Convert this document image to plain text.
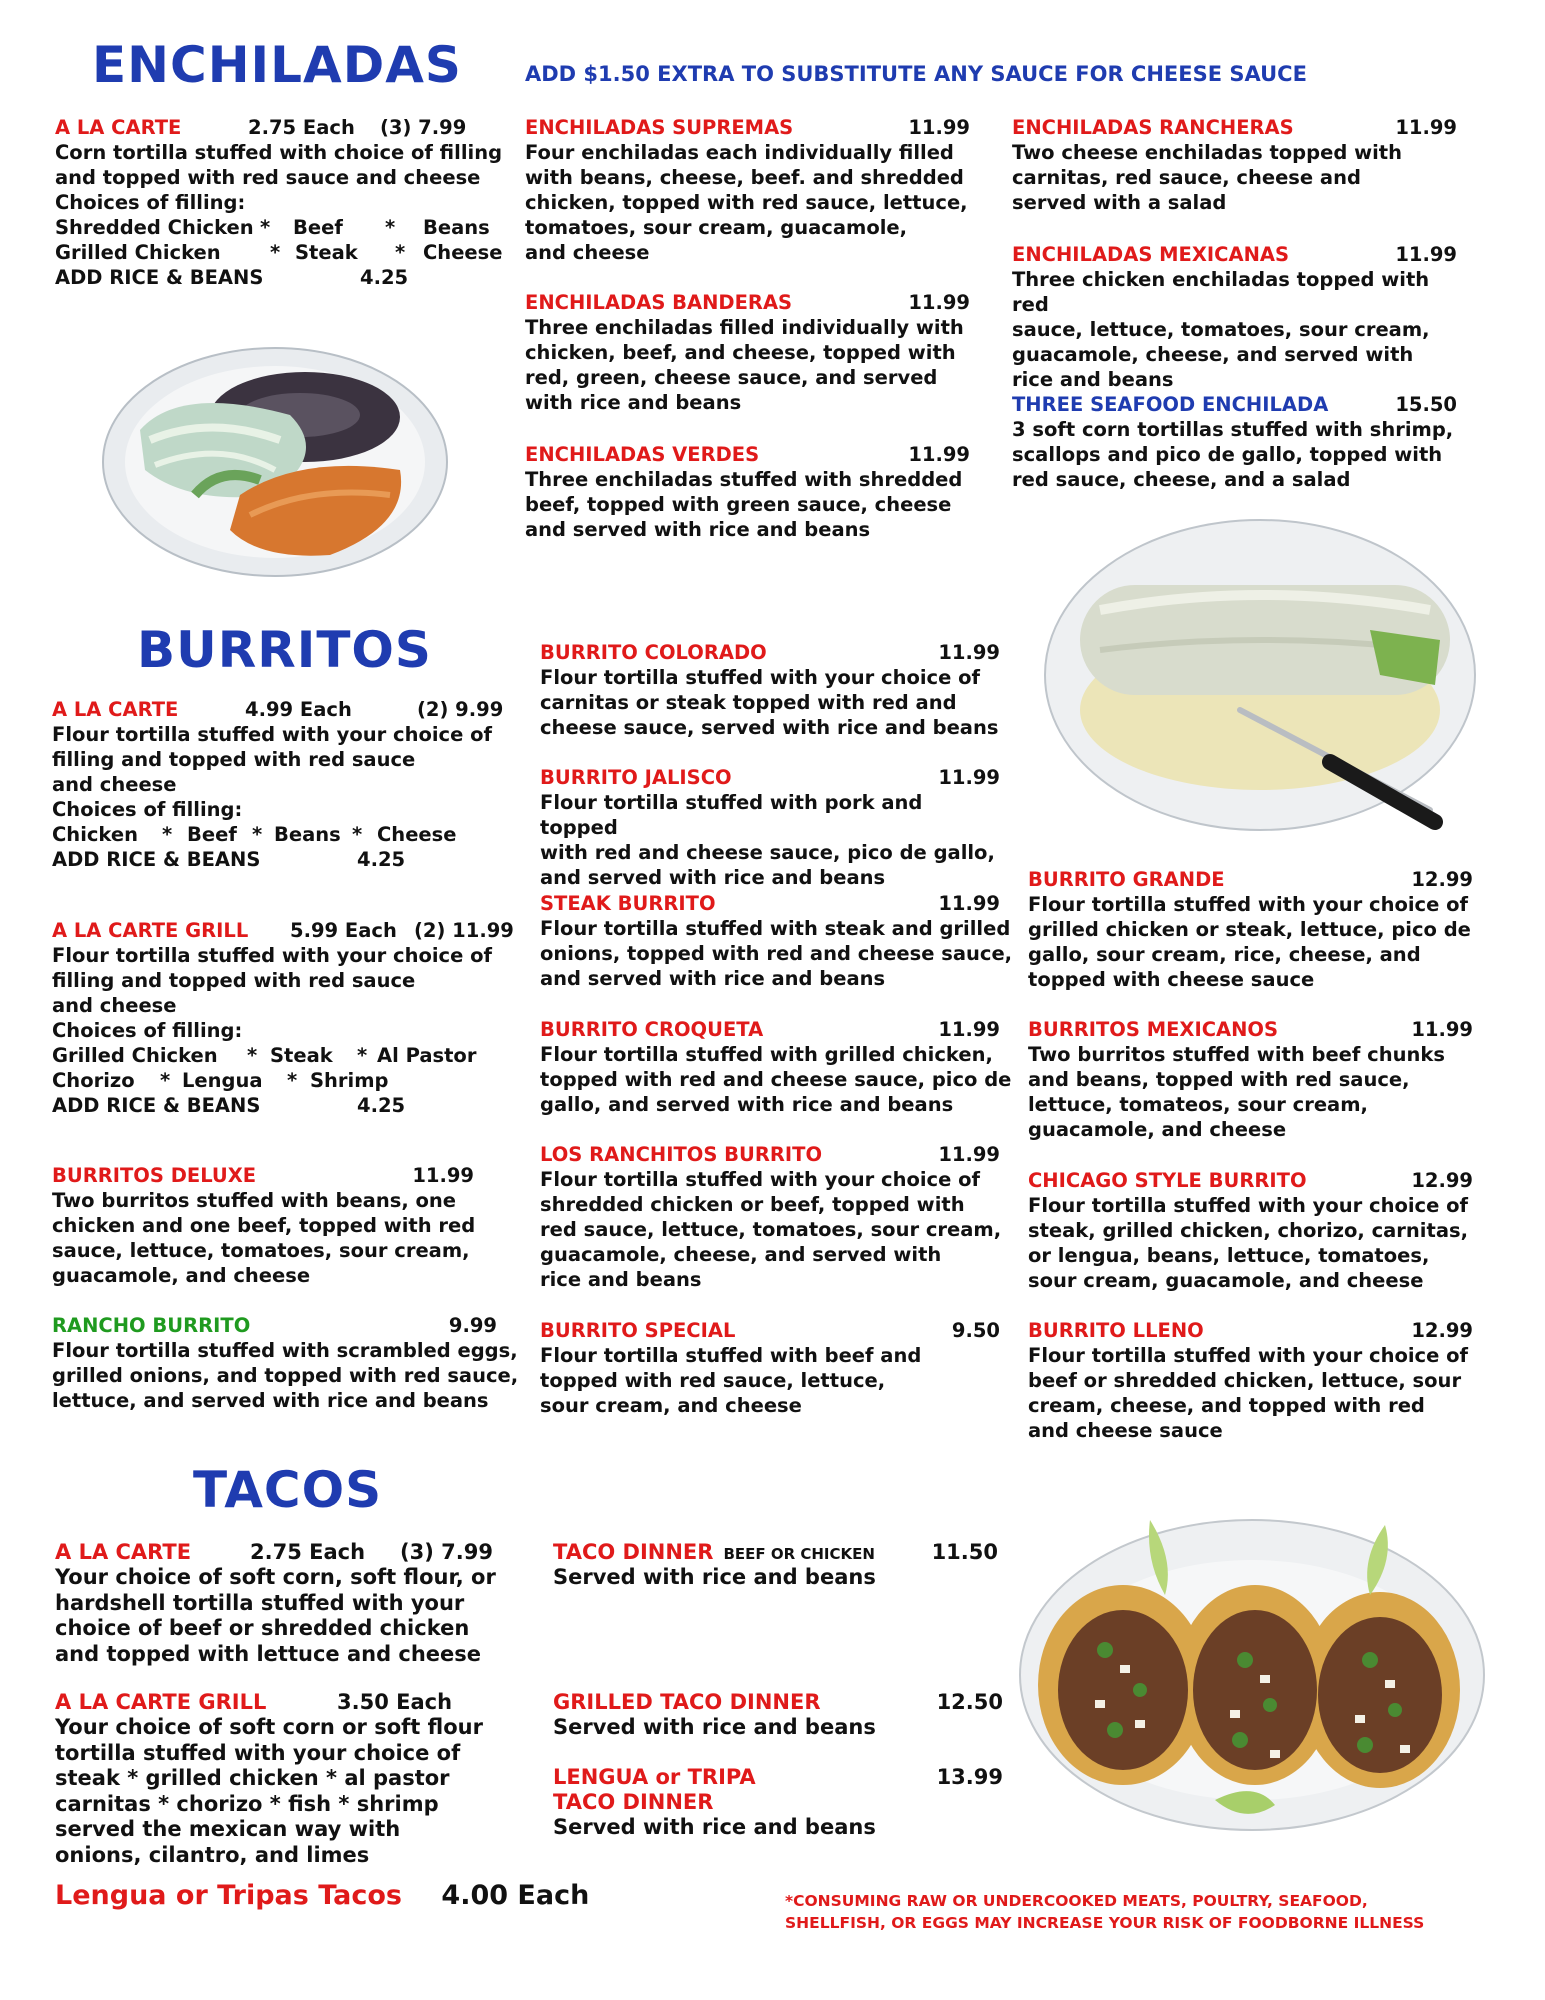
ENCHILADAS	ADD $1.50 EXTRA TO SUBSTITUTE ANY SAUCE FOR CHEESE SAUCE
A LA CARTE	2.75 Each (3) 7.99

Corn tortilla stuffed with choice of filling
and topped with red sauce and cheese
Choices of filling:

Shredded Chicken * Beef * Beans
Grilled Chicken	* Steak * Cheese
ADD RICE & BEANS	4.25
ENCHILADAS SUPREMAS	11.99

Four enchiladas each individually filled
with beans, cheese, beef. and shredded
chicken, topped with red sauce, lettuce,
tomatoes, sour cream, guacamole,
and cheese

ENCHILADAS BANDERAS	11.99

Three enchiladas filled individually with
chicken, beef, and cheese, topped with
red, green, cheese sauce, and served
with rice and beans

ENCHILADAS VERDES	11.99

Three enchiladas stuffed with shredded
beef, topped with green sauce, cheese
and served with rice and beans

ENCHILADAS RANCHERAS	11.99

Two cheese enchiladas topped with
carnitas, red sauce, cheese and
served with a salad

ENCHILADAS MEXICANAS	11.99

Three chicken enchiladas topped with red
sauce, lettuce, tomatoes, sour cream,
guacamole, cheese, and served with
rice and beans

THREE SEAFOOD ENCHILADA	15.50

3 soft corn tortillas stuffed with shrimp,
scallops and pico de gallo, topped with
red sauce, cheese, and a salad

BURRITOS
A LA CARTE	4.99 Each	(2) 9.99

Flour tortilla stuffed with your choice of
filling and topped with red sauce
and cheese
Choices of filling:

Chicken * Beef * Beans * Cheese
ADD RICE & BEANS	4.25
A LA CARTE GRILL 5.99 Each (2) 11.99

Flour tortilla stuffed with your choice of
filling and topped with red sauce
and cheese
Choices of filling:

Grilled Chicken * Steak * Al Pastor
Chorizo * Lengua * Shrimp
ADD RICE & BEANS	4.25
BURRITOS DELUXE	11.99

Two burritos stuffed with beans, one
chicken and one beef, topped with red
sauce, lettuce, tomatoes, sour cream,
guacamole, and cheese

RANCHO BURRITO	9.99

Flour tortilla stuffed with scrambled eggs,
grilled onions, and topped with red sauce,
lettuce, and served with rice and beans

BURRITO COLORADO	11.99

Flour tortilla stuffed with your choice of
carnitas or steak topped with red and
cheese sauce, served with rice and beans

BURRITO JALISCO	11.99

Flour tortilla stuffed with pork and topped
with red and cheese sauce, pico de gallo,
and served with rice and beans

STEAK BURRITO	11.99

Flour tortilla stuffed with steak and grilled
onions, topped with red and cheese sauce,
and served with rice and beans

BURRITO CROQUETA	11.99

Flour tortilla stuffed with grilled chicken,
topped with red and cheese sauce, pico de
gallo, and served with rice and beans

LOS RANCHITOS BURRITO	11.99

Flour tortilla stuffed with your choice of
shredded chicken or beef, topped with
red sauce, lettuce, tomatoes, sour cream,
guacamole, cheese, and served with
rice and beans

BURRITO SPECIAL	9.50

Flour tortilla stuffed with beef and
topped with red sauce, lettuce,
sour cream, and cheese

BURRITO GRANDE	12.99

Flour tortilla stuffed with your choice of
grilled chicken or steak, lettuce, pico de
gallo, sour cream, rice, cheese, and
topped with cheese sauce

BURRITOS MEXICANOS	11.99

Two burritos stuffed with beef chunks
and beans, topped with red sauce,
lettuce, tomateos, sour cream,
guacamole, and cheese

CHICAGO STYLE BURRITO	12.99

Flour tortilla stuffed with your choice of
steak, grilled chicken, chorizo, carnitas,
or lengua, beans, lettuce, tomatoes,
sour cream, guacamole, and cheese

BURRITO LLENO	12.99

Flour tortilla stuffed with your choice of
beef or shredded chicken, lettuce, sour
cream, cheese, and topped with red
and cheese sauce

TACOS
A LA CARTE	2.75 Each (3) 7.99

Your choice of soft corn, soft flour, or
hardshell tortilla stuffed with your
choice of beef or shredded chicken
and topped with lettuce and cheese

A LA CARTE GRILL	3.50 Each

Your choice of soft corn or soft flour
tortilla stuffed with your choice of
steak * grilled chicken * al pastor
carnitas * chorizo * fish * shrimp
served the mexican way with
onions, cilantro, and limes

TACO DINNER BEEF OR CHICKEN	11.50

Served with rice and beans

GRILLED TACO DINNER	12.50

Served with rice and beans

LENGUA or TRIPA	13.99
TACO DINNER

Served with rice and beans

Lengua or Tripas Tacos 4.00 Each	*CONSUMING RAW OR UNDERCOOKED MEATS, POULTRY, SEAFOOD,
SHELLFISH, OR EGGS MAY INCREASE YOUR RISK OF FOODBORNE ILLNESS
